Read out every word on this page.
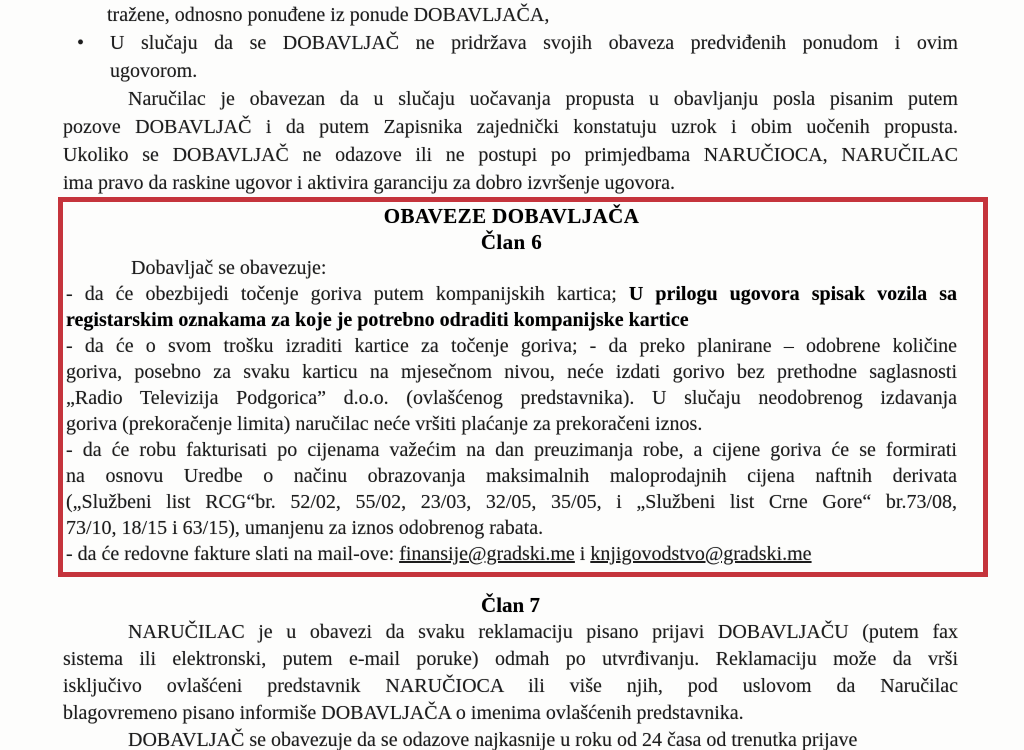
tražene, odnosno ponuđene iz ponude DOBAVLJAČA,
•	U slučaju da se DOBAVLJAČ ne pridržava svojih obaveza predviđenih ponudom i ovim
ugovorom.
Naručilac je obavezan da u slučaju uočavanja propusta u obavljanju posla pisanim putem
pozove DOBAVLJAČ i da putem Zapisnika zajednički konstatuju uzrok i obim uočenih propusta.
Ukoliko se DOBAVLJAČ ne odazove ili ne postupi po primjedbama NARUČIOCA, NARUČILAC
ima pravo da raskine ugovor i aktivira garanciju za dobro izvršenje ugovora.
OBAVEZE DOBAVLJAČA
Član 6
Dobavljač se obavezuje:
- da će obezbijedi točenje goriva putem kompanijskih kartica; U prilogu ugovora spisak vozila sa
registarskim oznakama za koje je potrebno odraditi kompanijske kartice
- da će o svom trošku izraditi kartice za točenje goriva; - da preko planirane – odobrene količine
goriva, posebno za svaku karticu na mjesečnom nivou, neće izdati gorivo bez prethodne saglasnosti
„Radio Televizija Podgorica” d.o.o. (ovlašćenog predstavnika). U slučaju neodobrenog izdavanja
goriva (prekoračenje limita) naručilac neće vršiti plaćanje za prekoračeni iznos.
- da će robu fakturisati po cijenama važećim na dan preuzimanja robe, a cijene goriva će se formirati
na osnovu Uredbe o načinu obrazovanja maksimalnih maloprodajnih cijena naftnih derivata
(„Službeni list RCG“br. 52/02, 55/02, 23/03, 32/05, 35/05, i „Službeni list Crne Gore“ br.73/08,
73/10, 18/15 i 63/15), umanjenu za iznos odobrenog rabata.
- da će redovne fakture slati na mail-ove: finansije@gradski.me i knjigovodstvo@gradski.me
Član 7
NARUČILAC je u obavezi da svaku reklamaciju pisano prijavi DOBAVLJAČU (putem fax
sistema ili elektronski, putem e-mail poruke) odmah po utvrđivanju. Reklamaciju može da vrši
isključivo ovlašćeni predstavnik NARUČIOCA ili više njih, pod uslovom da Naručilac
blagovremeno pisano informiše DOBAVLJAČA o imenima ovlašćenih predstavnika.
DOBAVLJAČ se obavezuje da se odazove najkasnije u roku od 24 časa od trenutka prijave
